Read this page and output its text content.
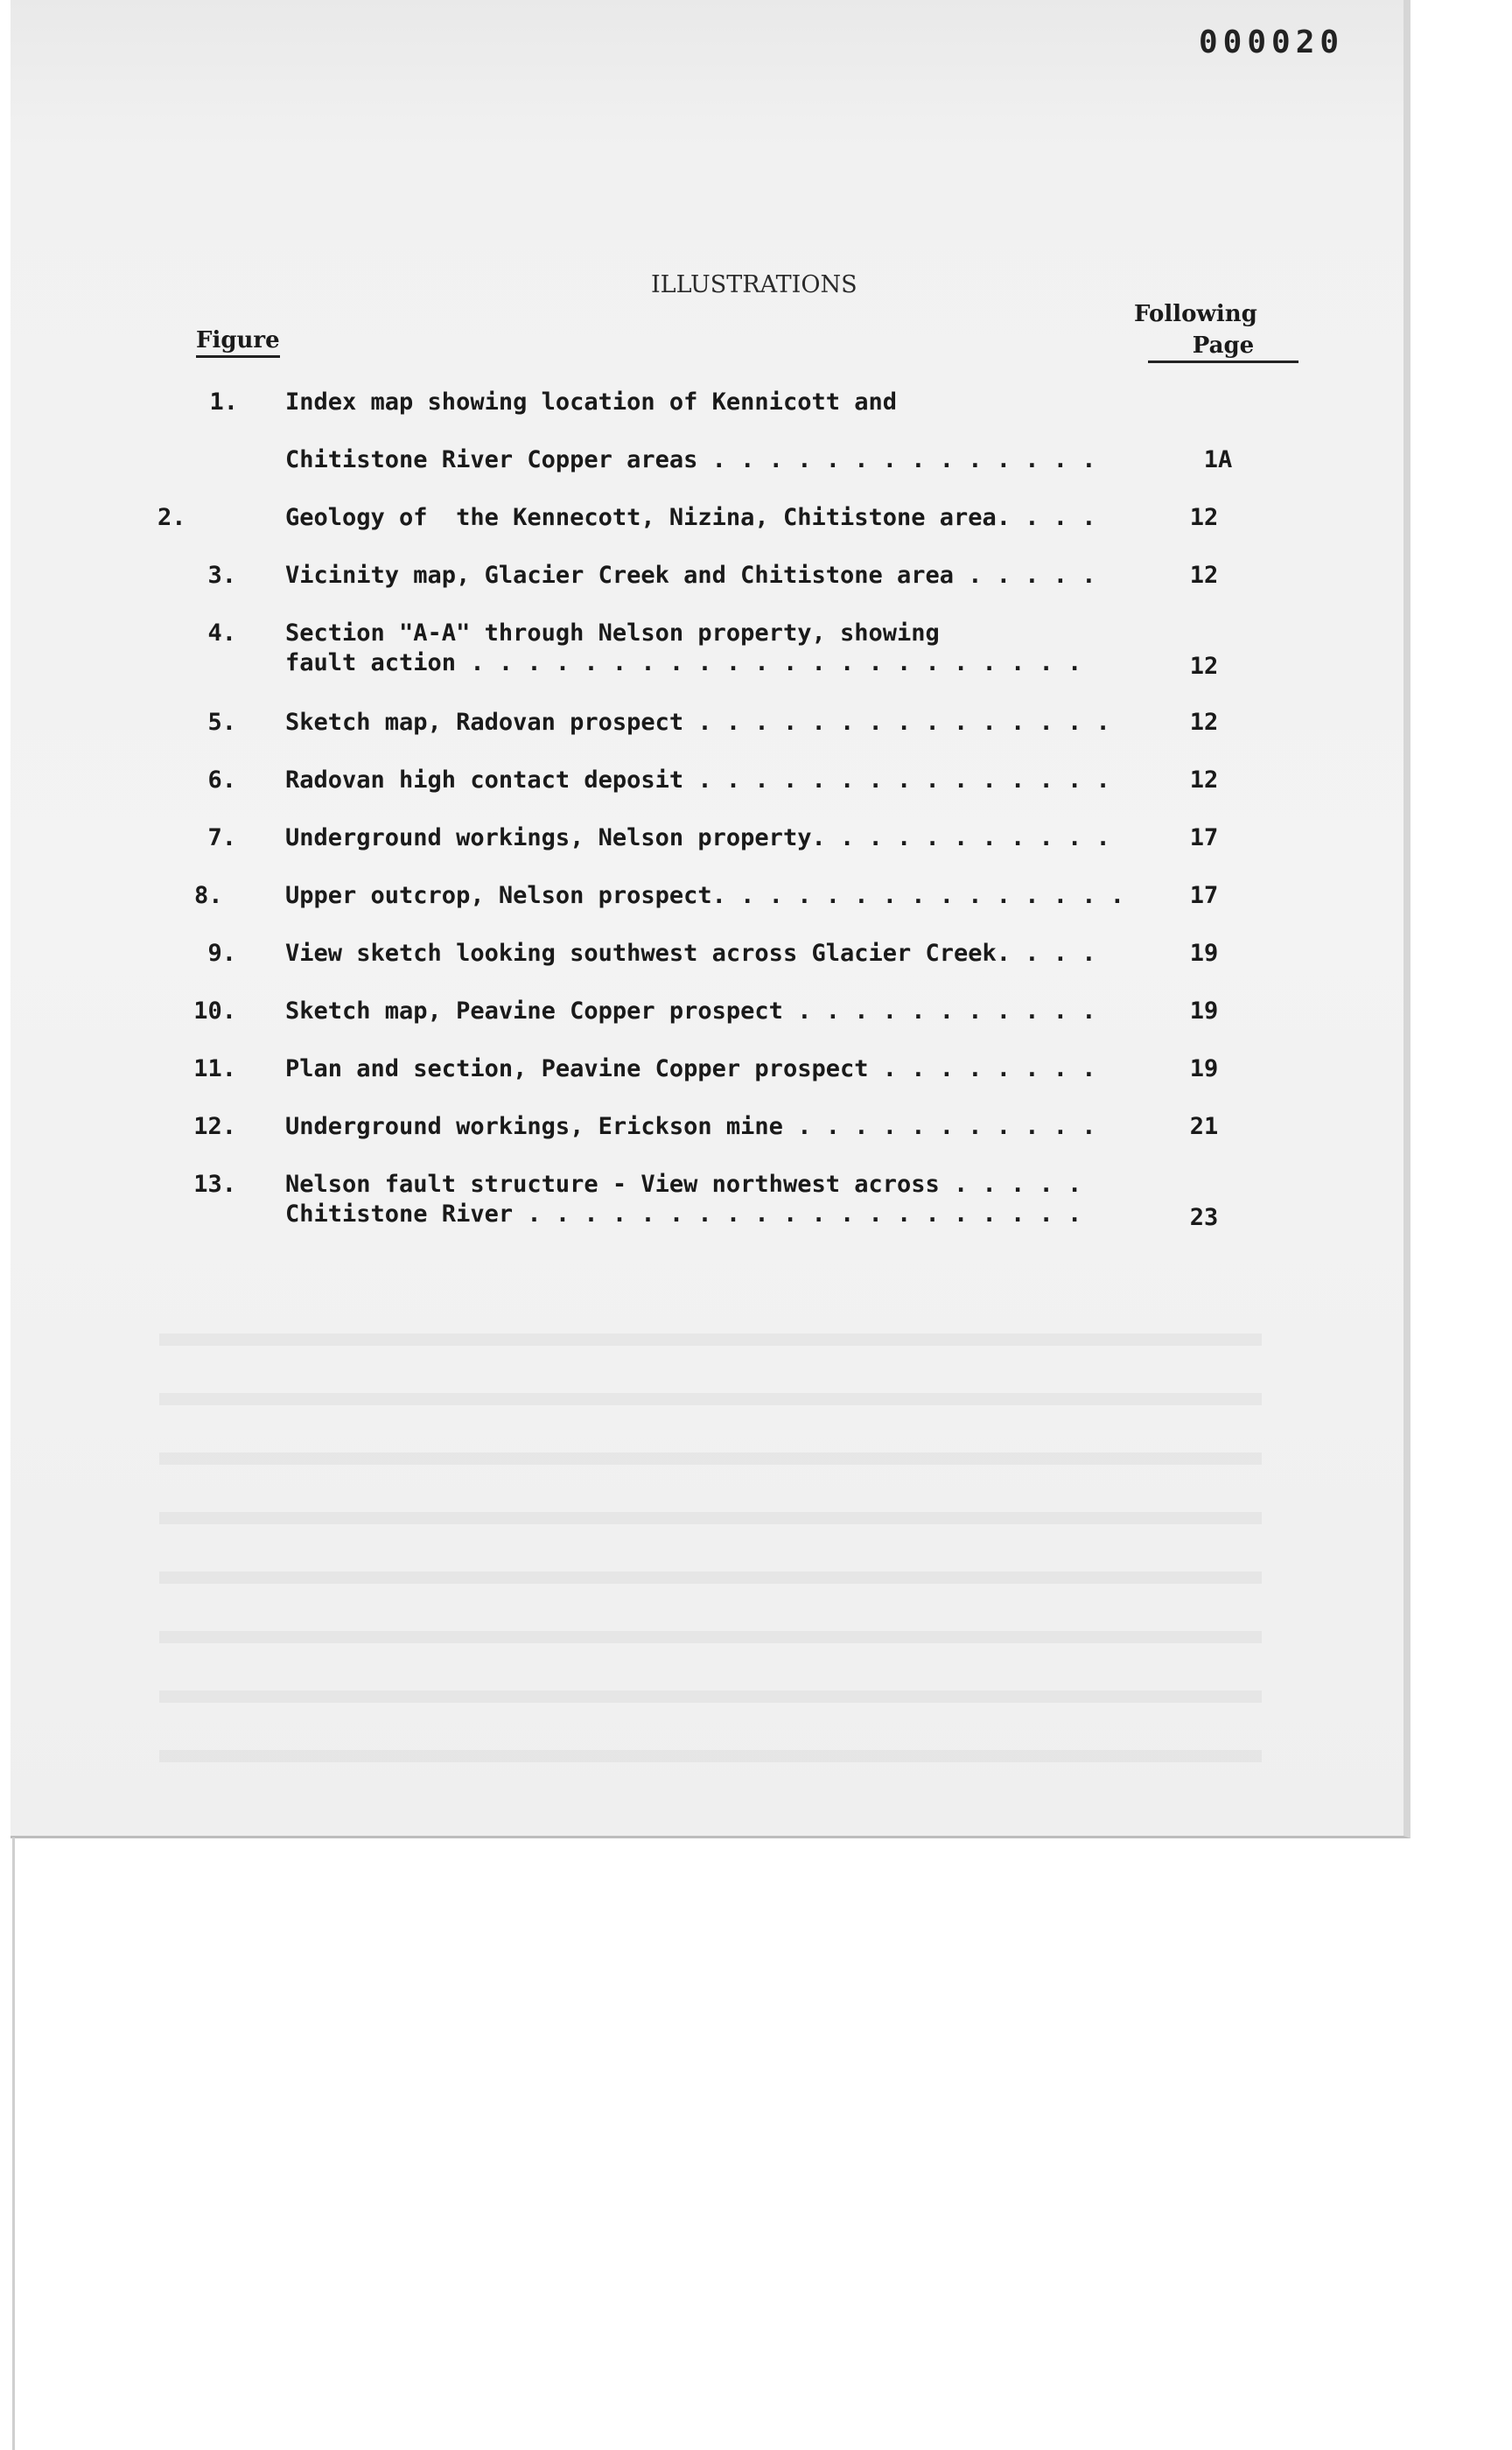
000020
ILLUSTRATIONS
Figure
Following
Page
1. Index map showing location of Kennicott and
Chitistone River Copper areas . . . . . . . . . . . . . .	1A
2.	Geology of  the Kennecott, Nizina, Chitistone area. . . .	12
3. Vicinity map, Glacier Creek and Chitistone area . . . . .	12
4. Section "A-A" through Nelson property, showing
fault action . . . . . . . . . . . . . . . . . . . . . .	12
5. Sketch map, Radovan prospect . . . . . . . . . . . . . . .	12
6. Radovan high contact deposit . . . . . . . . . . . . . . .	12
7. Underground workings, Nelson property. . . . . . . . . . .	17
8.	Upper outcrop, Nelson prospect. . . . . . . . . . . . . . .	17
9. View sketch looking southwest across Glacier Creek. . . .	19
10. Sketch map, Peavine Copper prospect . . . . . . . . . . .	19
11. Plan and section, Peavine Copper prospect . . . . . . . .	19
12. Underground workings, Erickson mine . . . . . . . . . . .	21
13. Nelson fault structure - View northwest across . . . . .
Chitistone River . . . . . . . . . . . . . . . . . . . .	23
